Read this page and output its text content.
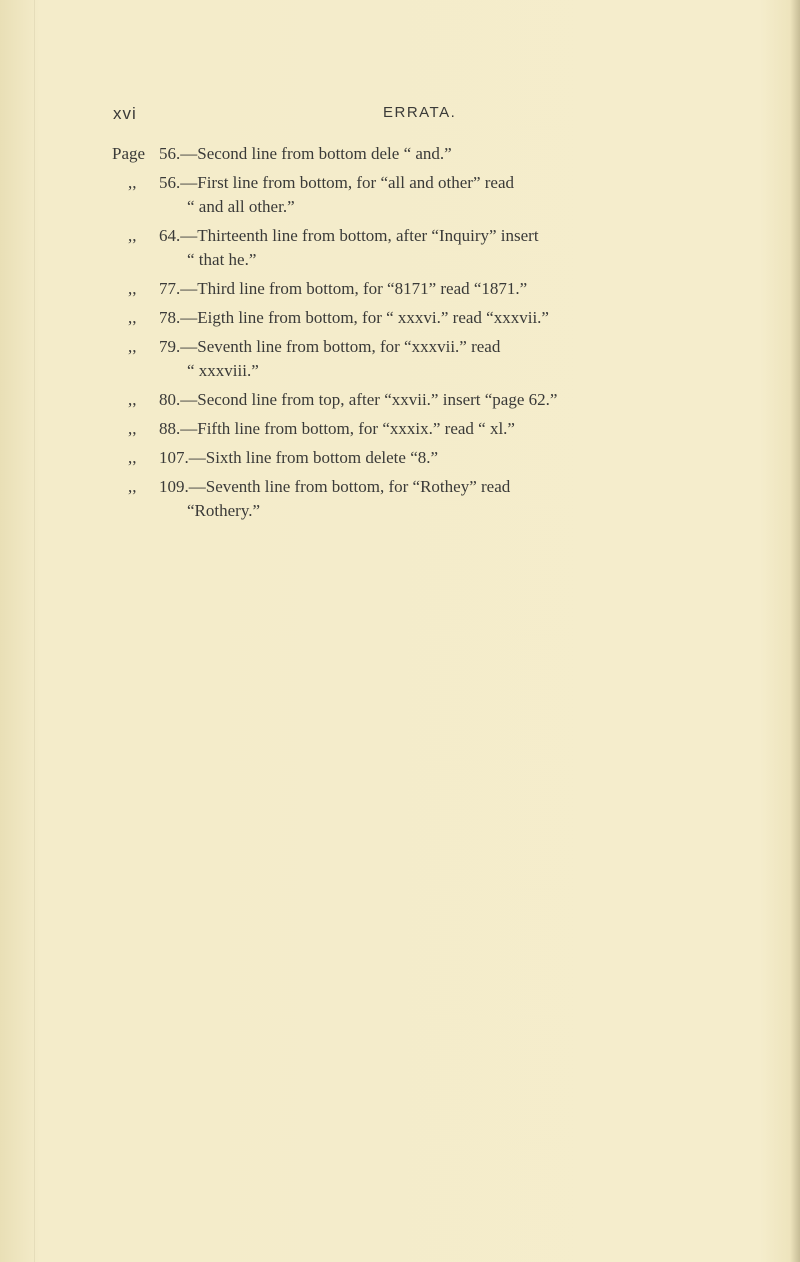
xvi	ERRATA.
Page 56.—Second line from bottom dele “ and.”
,,	56.—First line from bottom, for “all and other” read
“ and all other.”
,,	64.—Thirteenth line from bottom, after “Inquiry” insert
“ that he.”
,,	77.—Third line from bottom, for “8171” read “1871.”
,,	78.—Eigth line from bottom, for “ xxxvi.” read “xxxvii.”
,,	79.—Seventh line from bottom, for “xxxvii.” read
“ xxxviii.”
,,	80.—Second line from top, after “xxvii.” insert “page 62.”
,,	88.—Fifth line from bottom, for “xxxix.” read “ xl.”
,,	107.—Sixth line from bottom delete “8.”
,,	109.—Seventh line from bottom, for “Rothey” read
“Rothery.”
